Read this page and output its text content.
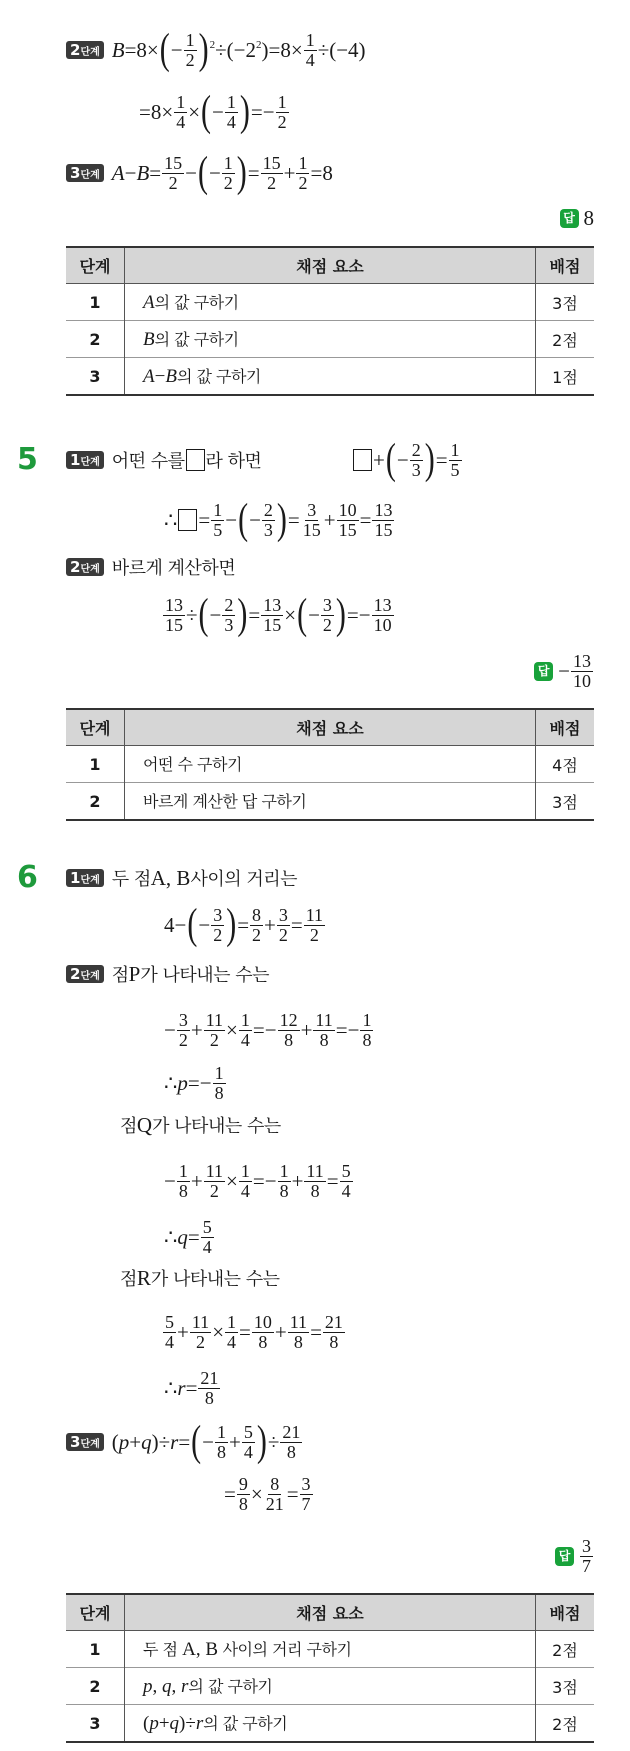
2 단계 B =8× ( − $\frac{1}{2}$ ) 2 ÷(−2 2 )$=8\times \frac{1}{4} \div(-4)$
$=8\times \frac{1}{4}$ × ( − $\frac{1}{4}$ ) =− $\frac{1}{2}$
3 단계 $A - B = \frac{15}{2}$ − ( − $\frac{1}{2}$ ) = $\frac{15}{2} + \frac{1}{2} =8$
답 8
단계	채점 요소	배점
1	A의 값 구하기	3점
2	B의 값 구하기	2점
3	A−B의 값 구하기	1점
5 1 단계 어떤 수를 라 하면	+ ( − $\frac{2}{3}$ ) = $\frac{1}{5}$
∴ = $\frac{1}{5}$ − ( − $\frac{2}{3}$ ) = $\frac{3}{15} + \frac{10}{15} = \frac{13}{15}$
2 단계 바르게 계산하면
$\frac{13}{15}$ ÷ ( − $\frac{2}{3}$ ) = $\frac{13}{15}$ × ( − $\frac{3}{2}$ ) =− $\frac{13}{10}$
답 − $\frac{13}{10}$
단계	채점 요소	배점
1	어떤 수 구하기	4점
2	바르게 계산한 답 구하기	3점
6 1 단계 두 점 A, B 사이의 거리는
4− ( − $\frac{3}{2}$ ) = $\frac{8}{2} + \frac{3}{2} = \frac{11}{2}$
2 단계 점 P 가 나타내는 수는
− $\frac{3}{2} + \frac{11}{2} \times \frac{1}{4} =- \frac{12}{8} + \frac{11}{8} =- \frac{1}{8}$
∴ $p =- \frac{1}{8}$
점 Q 가 나타내는 수는
− $\frac{1}{8} + \frac{11}{2} \times \frac{1}{4} =- \frac{1}{8} + \frac{11}{8} = \frac{5}{4}$
∴ $q = \frac{5}{4}$
점 R 가 나타내는 수는
$\frac{5}{4} + \frac{11}{2} \times \frac{1}{4} = \frac{10}{8} + \frac{11}{8} = \frac{21}{8}$
∴ $r = \frac{21}{8}$
3 단계 ( p + q )÷ r = ( − $\frac{1}{8} + \frac{5}{4}$ ) ÷ $\frac{21}{8}$
= $\frac{9}{8} \times \frac{8}{21} = \frac{3}{7}$
답 $\frac{3}{7}$
단계	채점 요소	배점
1	두 점 A, B 사이의 거리 구하기	2점
2	p, q, r의 값 구하기	3점
3	(p+q)÷r의 값 구하기	2점
